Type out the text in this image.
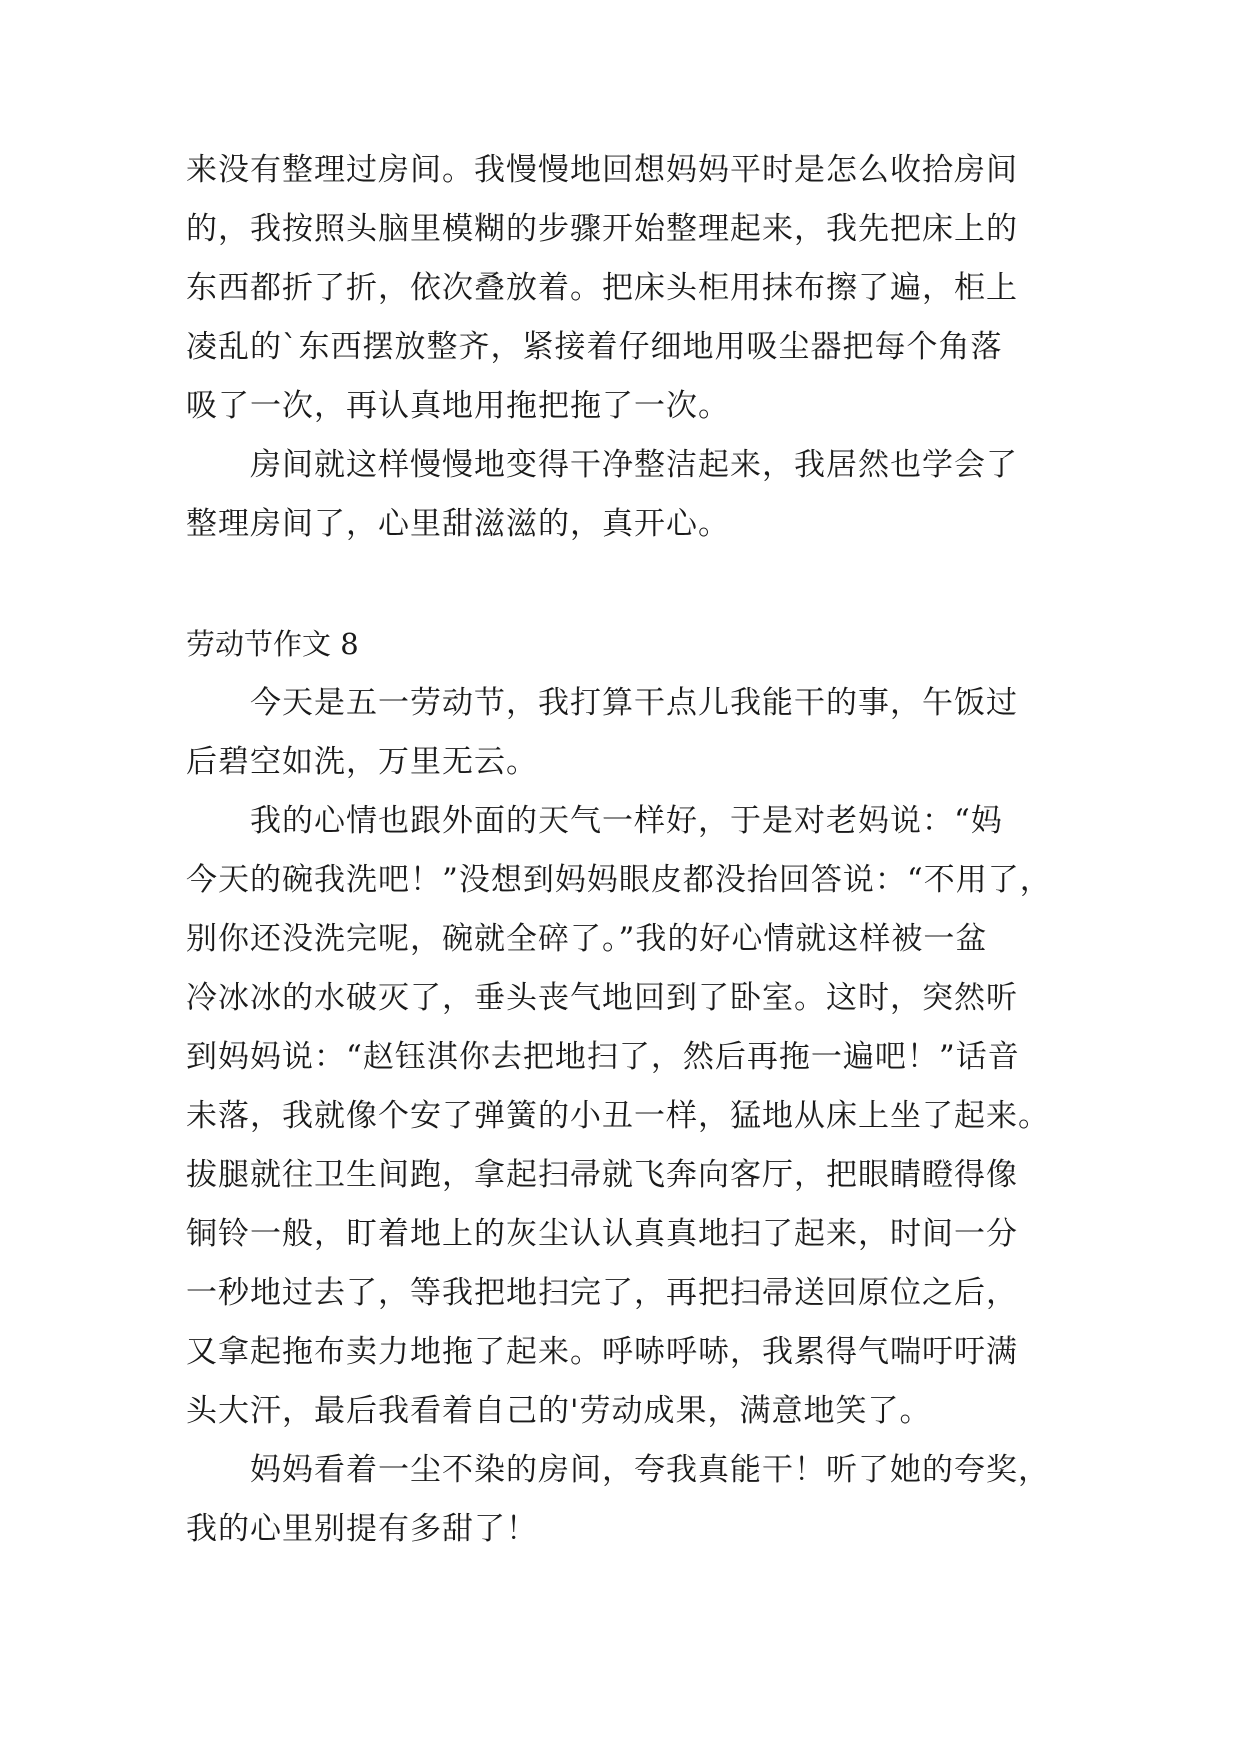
来没有整理过房间。我慢慢地回想妈妈平时是怎么收拾房间

的，我按照头脑里模糊的步骤开始整理起来，我先把床上的

东西都折了折，依次叠放着。把床头柜用抹布擦了遍，柜上

凌乱的`东西摆放整齐，紧接着仔细地用吸尘器把每个角落

吸了一次，再认真地用拖把拖了一次。

　　房间就这样慢慢地变得干净整洁起来，我居然也学会了

整理房间了，心里甜滋滋的，真开心。

劳动节作文 8

　　今天是五一劳动节，我打算干点儿我能干的事，午饭过

后碧空如洗，万里无云。

　　我的心情也跟外面的天气一样好，于是对老妈说：“妈

今天的碗我洗吧！”没想到妈妈眼皮都没抬回答说：“不用了，

别你还没洗完呢，碗就全碎了。”我的好心情就这样被一盆

冷冰冰的水破灭了，垂头丧气地回到了卧室。这时，突然听

到妈妈说：“赵钰淇你去把地扫了，然后再拖一遍吧！”话音

未落，我就像个安了弹簧的小丑一样，猛地从床上坐了起来。

拔腿就往卫生间跑，拿起扫帚就飞奔向客厅，把眼睛瞪得像

铜铃一般，盯着地上的灰尘认认真真地扫了起来，时间一分

一秒地过去了，等我把地扫完了，再把扫帚送回原位之后，

又拿起拖布卖力地拖了起来。呼哧呼哧，我累得气喘吁吁满

头大汗，最后我看着自己的'劳动成果，满意地笑了。

　　妈妈看着一尘不染的房间，夸我真能干！听了她的夸奖，

我的心里别提有多甜了！
